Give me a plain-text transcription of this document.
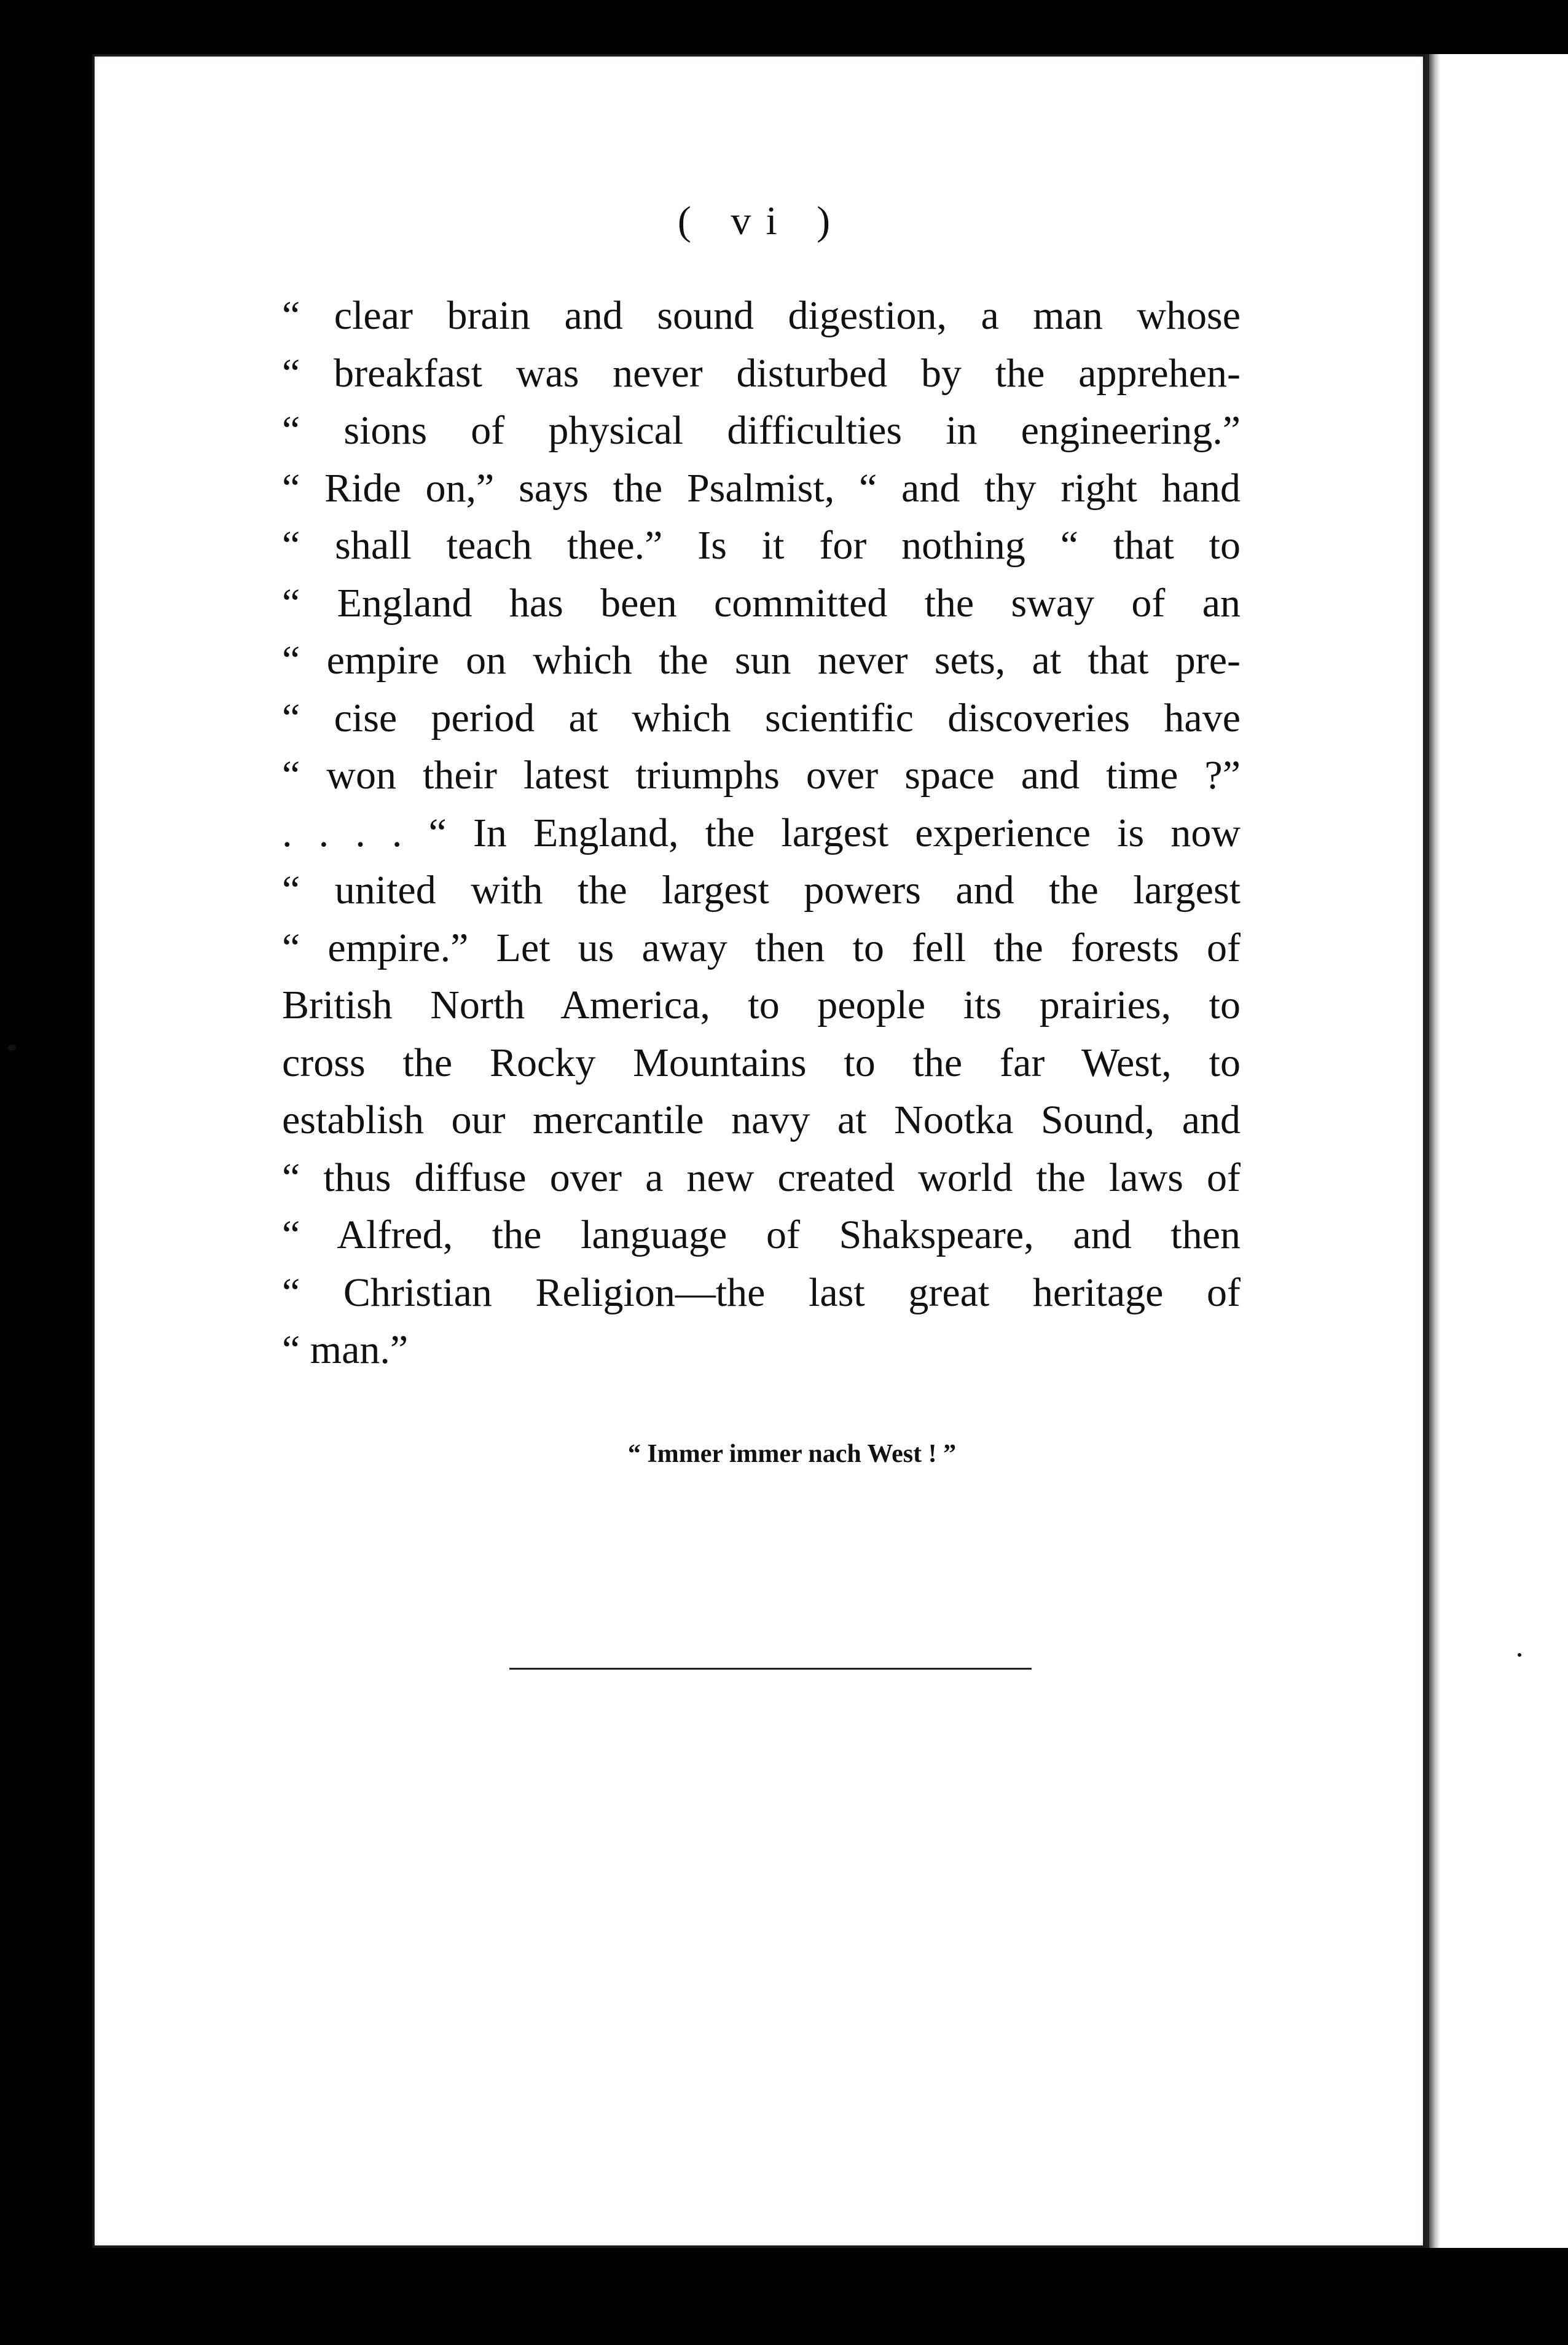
( vi )
“ clear brain and sound digestion, a man whose
“ breakfast was never disturbed by the apprehen-
“ sions of physical difficulties in engineering.”
“ Ride on,” says the Psalmist, “ and thy right hand
“ shall teach thee.” Is it for nothing “ that to
“ England has been committed the sway of an
“ empire on which the sun never sets, at that pre-
“ cise period at which scientific discoveries have
“ won their latest triumphs over space and time ?”
. . . . “ In England, the largest experience is now
“ united with the largest powers and the largest
“ empire.” Let us away then to fell the forests of
British North America, to people its prairies, to
cross the Rocky Mountains to the far West, to
establish our mercantile navy at Nootka Sound, and
“ thus diffuse over a new created world the laws of
“ Alfred, the language of Shakspeare, and then
“ Christian Religion—the last great heritage of
“ man.”
“ Immer immer nach West ! ”
